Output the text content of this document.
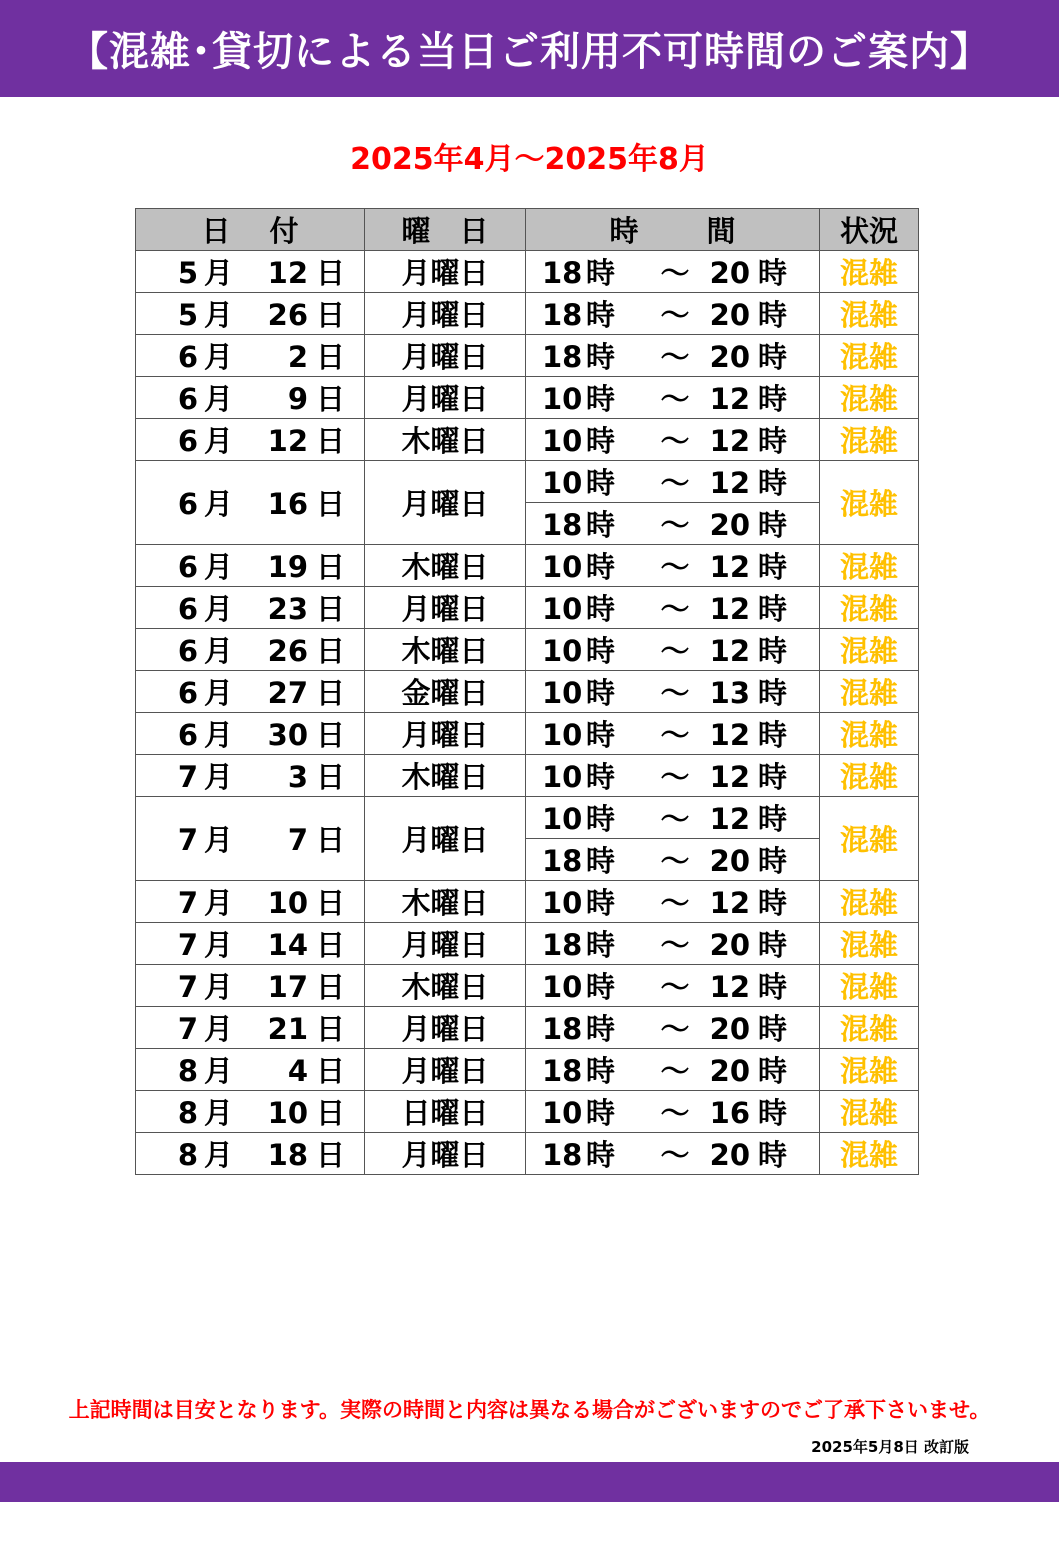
【混雑･貸切による当日ご利用不可時間のご案内】
2025年4月～2025年8月
日　 付	曜　日	時　 　間	状況
5 月 12 日	月曜日	18 時 ～ 20 時	混雑
5 月 26 日	月曜日	18 時 ～ 20 時	混雑
6 月 2 日	月曜日	18 時 ～ 20 時	混雑
6 月 9 日	月曜日	10 時 ～ 12 時	混雑
6 月 12 日	木曜日	10 時 ～ 12 時	混雑
6 月 16 日	月曜日	10 時 ～ 12 時	混雑
		18 時 ～ 20 時	
6 月 19 日	木曜日	10 時 ～ 12 時	混雑
6 月 23 日	月曜日	10 時 ～ 12 時	混雑
6 月 26 日	木曜日	10 時 ～ 12 時	混雑
6 月 27 日	金曜日	10 時 ～ 13 時	混雑
6 月 30 日	月曜日	10 時 ～ 12 時	混雑
7 月 3 日	木曜日	10 時 ～ 12 時	混雑
7 月 7 日	月曜日	10 時 ～ 12 時	混雑
		18 時 ～ 20 時	
7 月 10 日	木曜日	10 時 ～ 12 時	混雑
7 月 14 日	月曜日	18 時 ～ 20 時	混雑
7 月 17 日	木曜日	10 時 ～ 12 時	混雑
7 月 21 日	月曜日	18 時 ～ 20 時	混雑
8 月 4 日	月曜日	18 時 ～ 20 時	混雑
8 月 10 日	日曜日	10 時 ～ 16 時	混雑
8 月 18 日	月曜日	18 時 ～ 20 時	混雑
上記時間は目安となります。実際の時間と内容は異なる場合がございますのでご了承下さいませ。
2025年5月8日 改訂版
